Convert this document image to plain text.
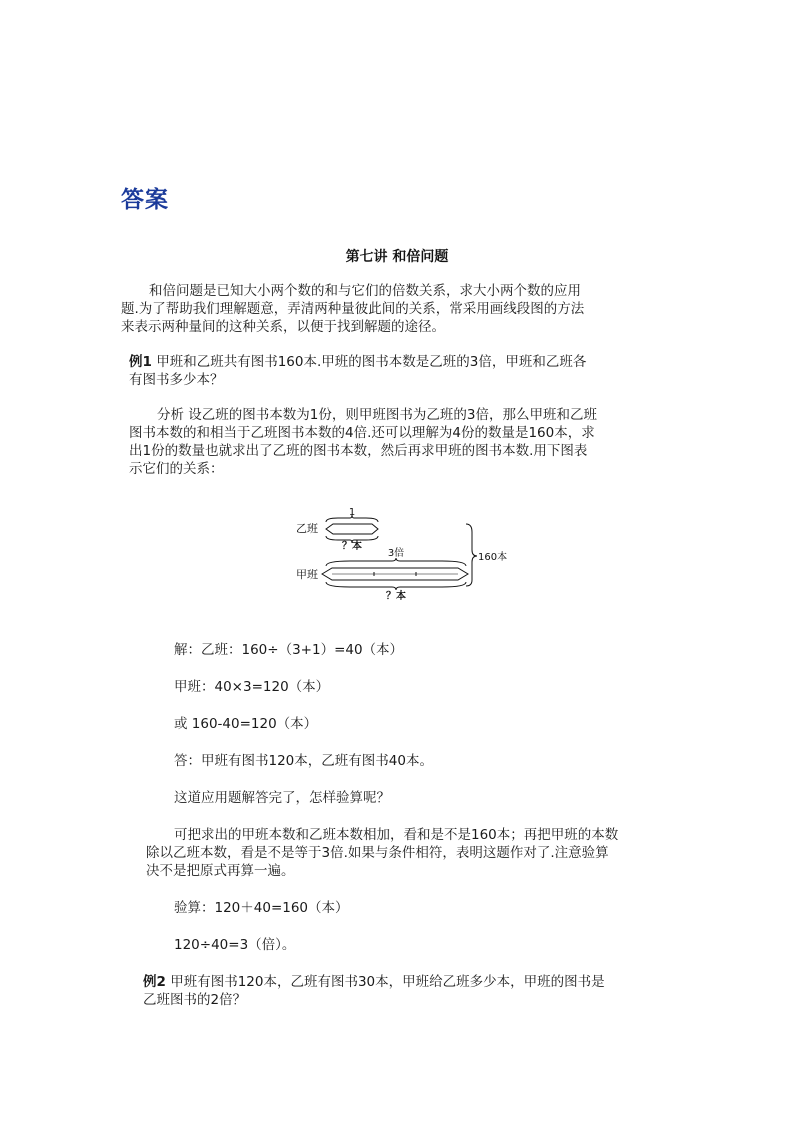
答案
第七讲 和倍问题
和倍问题是已知大小两个数的和与它们的倍数关系，求大小两个数的应用
题.为了帮助我们理解题意，弄清两种量彼此间的关系，常采用画线段图的方法
来表示两种量间的这种关系，以便于找到解题的途径。
例1 甲班和乙班共有图书160本.甲班的图书本数是乙班的3倍，甲班和乙班各
有图书多少本？
分析 设乙班的图书本数为1份，则甲班图书为乙班的3倍，那么甲班和乙班
图书本数的和相当于乙班图书本数的4倍.还可以理解为4份的数量是160本，求
出1份的数量也就求出了乙班的图书本数，然后再求甲班的图书本数.用下图表
示它们的关系：
乙班
1
？本
3倍
甲班
？本
160本
解：乙班：160÷（3+1）=40（本）
甲班：40×3=120（本）
或 160-40=120（本）
答：甲班有图书120本，乙班有图书40本。
这道应用题解答完了，怎样验算呢？
可把求出的甲班本数和乙班本数相加，看和是不是160本；再把甲班的本数
除以乙班本数，看是不是等于3倍.如果与条件相符，表明这题作对了.注意验算
决不是把原式再算一遍。
验算：120＋40=160（本）
120÷40=3（倍）。
例2 甲班有图书120本，乙班有图书30本，甲班给乙班多少本，甲班的图书是
乙班图书的2倍？
